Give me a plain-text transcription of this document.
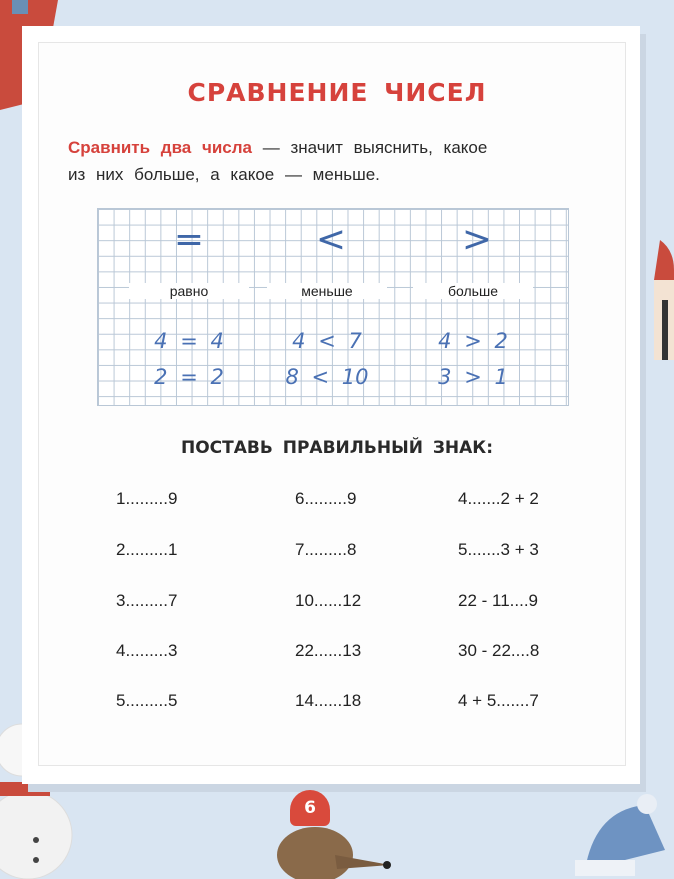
СРАВНЕНИЕ ЧИСЕЛ
Сравнить два числа — значит выяснить, какое
из них больше, а какое — меньше.
=	<	>
равно	меньше	больше
4 = 4	4 < 7	4 > 2
2 = 2	8 < 10	3 > 1
ПОСТАВЬ ПРАВИЛЬНЫЙ ЗНАК:
1.........9	6.........9	4.......2 + 2
2.........1	7.........8	5.......3 + 3
3.........7	10......12	22 - 11....9
4.........3	22......13	30 - 22....8
5.........5	14......18	4 + 5.......7
6
